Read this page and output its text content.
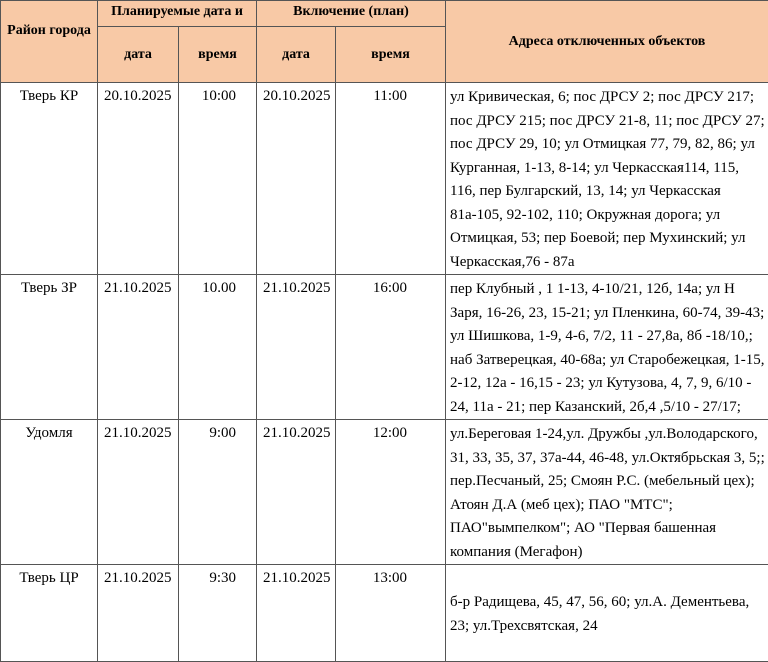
Район города	Планируемые дата и		Включение (план)		Адреса отключенных объектов
	дата	время	дата	время	
Тверь КР	20.10.2025	10:00	20.10.2025	11:00	ул Кривическая, 6; пос ДРСУ 2; пос ДРСУ 217; пос ДРСУ 215; пос ДРСУ 21-8, 11; пос ДРСУ 27; пос ДРСУ 29, 10; ул Отмицкая 77, 79, 82, 86; ул Курганная, 1-13, 8-14; ул Черкасская114, 115, 116, пер Булгарский, 13, 14; ул Черкасская 81а-105, 92-102, 110; Окружная дорога; ул Отмицкая, 53; пер Боевой; пер Мухинский; ул Черкасская,76 - 87а
Тверь ЗР	21.10.2025	10.00	21.10.2025	16:00	пер Клубный , 1 1-13, 4-10/21, 12б, 14а; ул Н Заря, 16-26, 23, 15-21; ул Пленкина, 60-74, 39-43; ул Шишкова, 1-9, 4-6, 7/2, 11 - 27,8а, 8б -18/10,; наб Затверецкая, 40-68а; ул Старобежецкая, 1-15, 2-12, 12а - 16,15 - 23; ул Кутузова, 4, 7, 9, 6/10 - 24, 11а - 21; пер Казанский, 2б,4 ,5/10 - 27/17;
Удомля	21.10.2025	9:00	21.10.2025	12:00	ул.Береговая 1-24,ул. Дружбы ,ул.Володарского, 31, 33, 35, 37, 37а-44, 46-48, ул.Октябрьская 3, 5;; пер.Песчаный, 25; Смоян Р.С. (мебельный цех); Атоян Д.А (меб цех); ПАО "МТС"; ПАО"вымпелком"; АО "Первая башенная компания (Мегафон)
Тверь ЦР	21.10.2025	9:30	21.10.2025	13:00	б-р Радищева, 45, 47, 56, 60; ул.А. Дементьева, 23; ул.Трехсвятская, 24
